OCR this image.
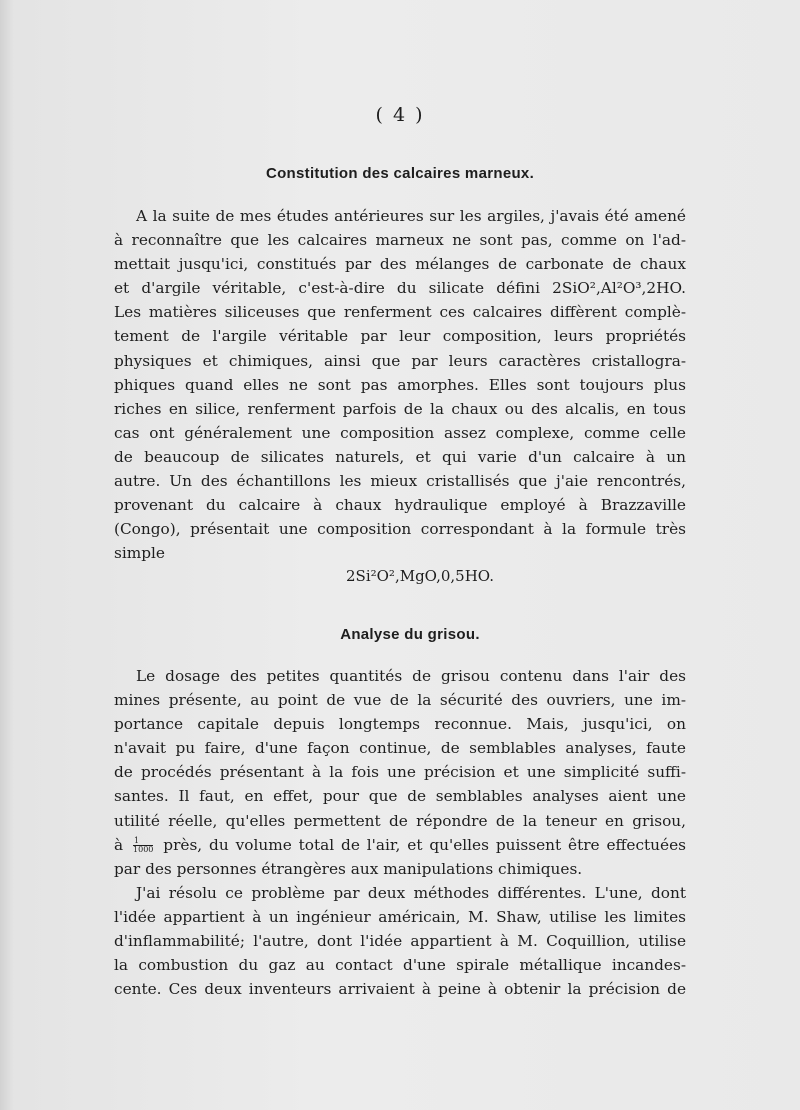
( 4 )
Constitution des calcaires marneux.
A la suite de mes études antérieures sur les argiles, j'avais été amené
à reconnaître que les calcaires marneux ne sont pas, comme on l'ad-
mettait jusqu'ici, constitués par des mélanges de carbonate de chaux
et d'argile véritable, c'est-à-dire du silicate défini 2SiO²,Al²O³,2HO.
Les matières siliceuses que renferment ces calcaires diffèrent complè-
tement de l'argile véritable par leur composition, leurs propriétés
physiques et chimiques, ainsi que par leurs caractères cristallogra-
phiques quand elles ne sont pas amorphes. Elles sont toujours plus
riches en silice, renferment parfois de la chaux ou des alcalis, en tous
cas ont généralement une composition assez complexe, comme celle
de beaucoup de silicates naturels, et qui varie d'un calcaire à un
autre. Un des échantillons les mieux cristallisés que j'aie rencontrés,
provenant du calcaire à chaux hydraulique employé à Brazzaville
(Congo), présentait une composition correspondant à la formule très
simple
2Si²O²,MgO,0,5HO.
Analyse du grisou.
Le dosage des petites quantités de grisou contenu dans l'air des
mines présente, au point de vue de la sécurité des ouvriers, une im-
portance capitale depuis longtemps reconnue. Mais, jusqu'ici, on
n'avait pu faire, d'une façon continue, de semblables analyses, faute
de procédés présentant à la fois une précision et une simplicité suffi-
santes. Il faut, en effet, pour que de semblables analyses aient une
utilité réelle, qu'elles permettent de répondre de la teneur en grisou,
à $\frac{1}{1000}$ près, du volume total de l'air, et qu'elles puissent être effectuées
par des personnes étrangères aux manipulations chimiques.
J'ai résolu ce problème par deux méthodes différentes. L'une, dont
l'idée appartient à un ingénieur américain, M. Shaw, utilise les limites
d'inflammabilité; l'autre, dont l'idée appartient à M. Coquillion, utilise
la combustion du gaz au contact d'une spirale métallique incandes-
cente. Ces deux inventeurs arrivaient à peine à obtenir la précision de
